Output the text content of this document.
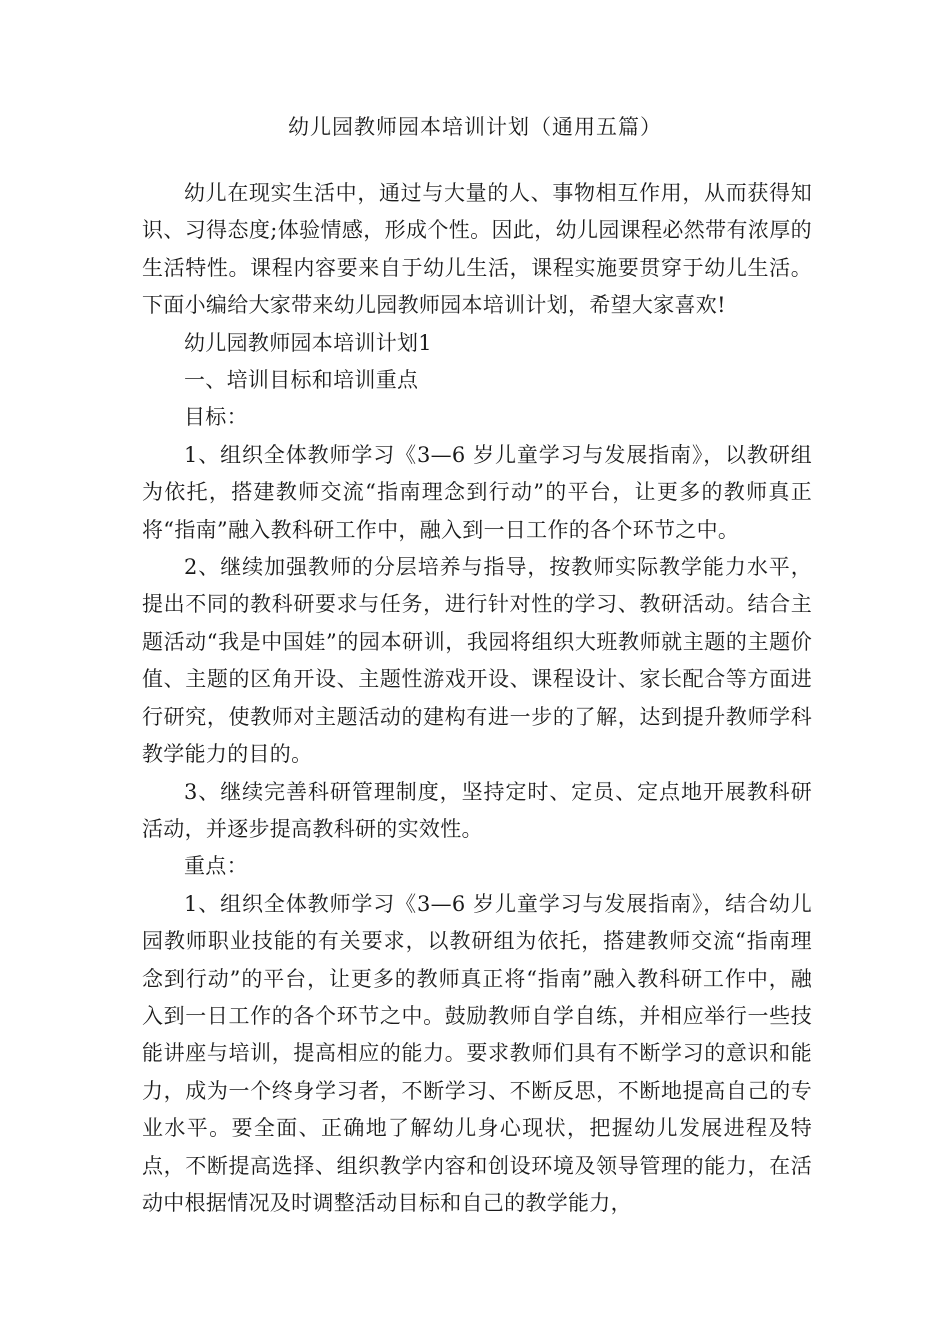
幼儿园教师园本培训计划（通用五篇）

幼儿在现实生活中，通过与大量的人、事物相互作用，从而获得知识、习得态度;体验情感，形成个性。因此，幼儿园课程必然带有浓厚的生活特性。课程内容要来自于幼儿生活，课程实施要贯穿于幼儿生活。下面小编给大家带来幼儿园教师园本培训计划，希望大家喜欢!

幼儿园教师园本培训计划1

一、培训目标和培训重点

目标：

1、组织全体教师学习《3—6 岁儿童学习与发展指南》，以教研组为依托，搭建教师交流“指南理念到行动”的平台，让更多的教师真正将“指南”融入教科研工作中，融入到一日工作的各个环节之中。

2、继续加强教师的分层培养与指导，按教师实际教学能力水平，提出不同的教科研要求与任务，进行针对性的学习、教研活动。结合主题活动“我是中国娃”的园本研训，我园将组织大班教师就主题的主题价值、主题的区角开设、主题性游戏开设、课程设计、家长配合等方面进行研究，使教师对主题活动的建构有进一步的了解，达到提升教师学科教学能力的目的。

3、继续完善科研管理制度，坚持定时、定员、定点地开展教科研活动，并逐步提高教科研的实效性。

重点：

1、组织全体教师学习《3—6 岁儿童学习与发展指南》，结合幼儿园教师职业技能的有关要求，以教研组为依托，搭建教师交流“指南理念到行动”的平台，让更多的教师真正将“指南”融入教科研工作中，融入到一日工作的各个环节之中。鼓励教师自学自练，并相应举行一些技能讲座与培训，提高相应的能力。要求教师们具有不断学习的意识和能力，成为一个终身学习者，不断学习、不断反思，不断地提高自己的专业水平。要全面、正确地了解幼儿身心现状，把握幼儿发展进程及特点，不断提高选择、组织教学内容和创设环境及领导管理的能力，在活动中根据情况及时调整活动目标和自己的教学能力，
